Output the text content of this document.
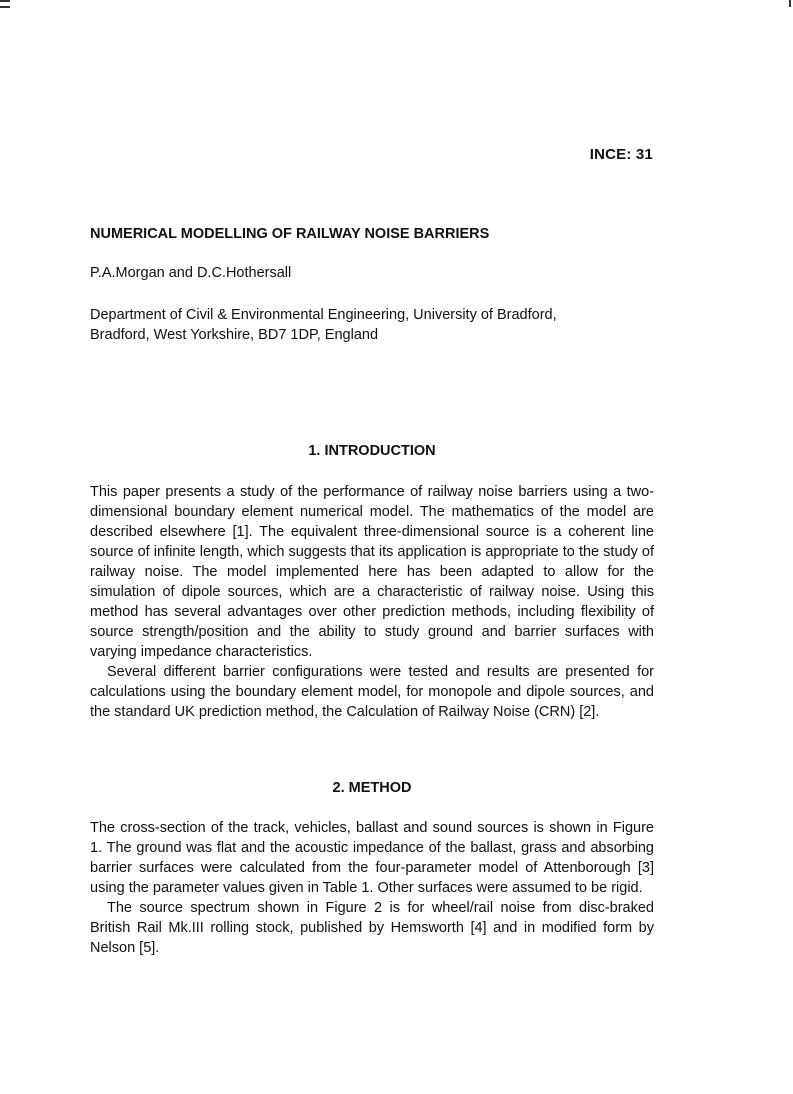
INCE: 31
NUMERICAL MODELLING OF RAILWAY NOISE BARRIERS

P.A.Morgan and D.C.Hothersall

Department of Civil & Environmental Engineering, University of Bradford,
Bradford, West Yorkshire, BD7 1DP, England

1. INTRODUCTION

This paper presents a study of the performance of railway noise barriers using a two-dimensional boundary element numerical model. The mathematics of the model are described elsewhere [1]. The equivalent three-dimensional source is a coherent line source of infinite length, which suggests that its application is appropriate to the study of railway noise. The model implemented here has been adapted to allow for the simulation of dipole sources, which are a characteristic of railway noise. Using this method has several advantages over other prediction methods, including flexibility of source strength/position and the ability to study ground and barrier surfaces with varying impedance characteristics.

Several different barrier configurations were tested and results are presented for calculations using the boundary element model, for monopole and dipole sources, and the standard UK prediction method, the Calculation of Railway Noise (CRN) [2].

2. METHOD

The cross-section of the track, vehicles, ballast and sound sources is shown in Figure 1. The ground was flat and the acoustic impedance of the ballast, grass and absorbing barrier surfaces were calculated from the four-parameter model of Attenborough [3] using the parameter values given in Table 1. Other surfaces were assumed to be rigid.

The source spectrum shown in Figure 2 is for wheel/rail noise from disc-braked British Rail Mk.III rolling stock, published by Hemsworth [4] and in modified form by Nelson [5].
